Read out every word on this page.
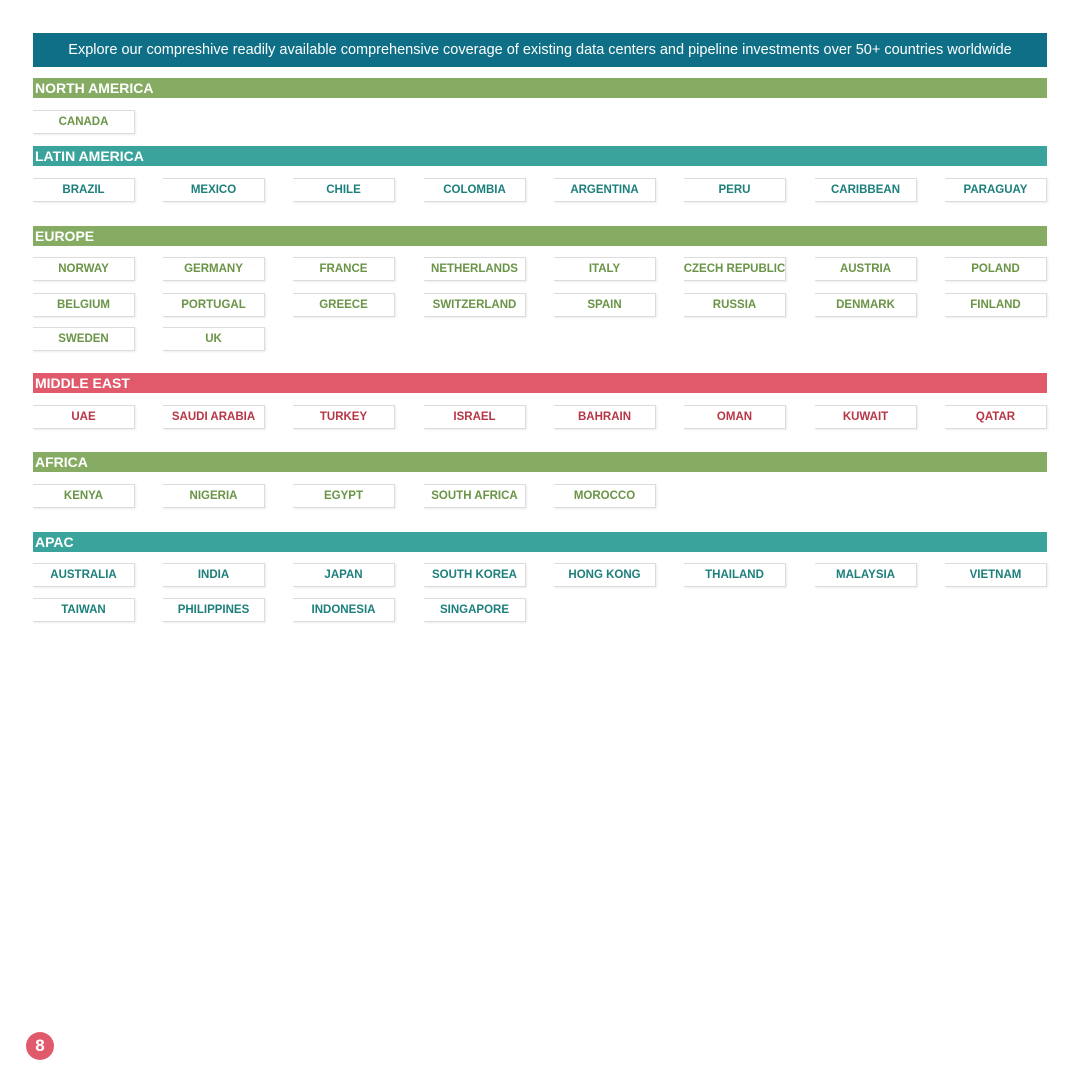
Explore our compreshive readily available comprehensive coverage of existing data centers and pipeline investments over 50+ countries worldwide
NORTH AMERICA
CANADA
LATIN AMERICA
BRAZIL	MEXICO	CHILE	COLOMBIA	ARGENTINA	PERU	CARIBBEAN	PARAGUAY
EUROPE
NORWAY	GERMANY	FRANCE	NETHERLANDS	ITALY	CZECH REPUBLIC	AUSTRIA	POLAND
BELGIUM	PORTUGAL	GREECE	SWITZERLAND	SPAIN	RUSSIA	DENMARK	FINLAND
SWEDEN	UK
MIDDLE EAST
UAE	SAUDI ARABIA	TURKEY	ISRAEL	BAHRAIN	OMAN	KUWAIT	QATAR
AFRICA
KENYA	NIGERIA	EGYPT	SOUTH AFRICA	MOROCCO
APAC
AUSTRALIA	INDIA	JAPAN	SOUTH KOREA	HONG KONG	THAILAND	MALAYSIA	VIETNAM
TAIWAN	PHILIPPINES	INDONESIA	SINGAPORE
8
